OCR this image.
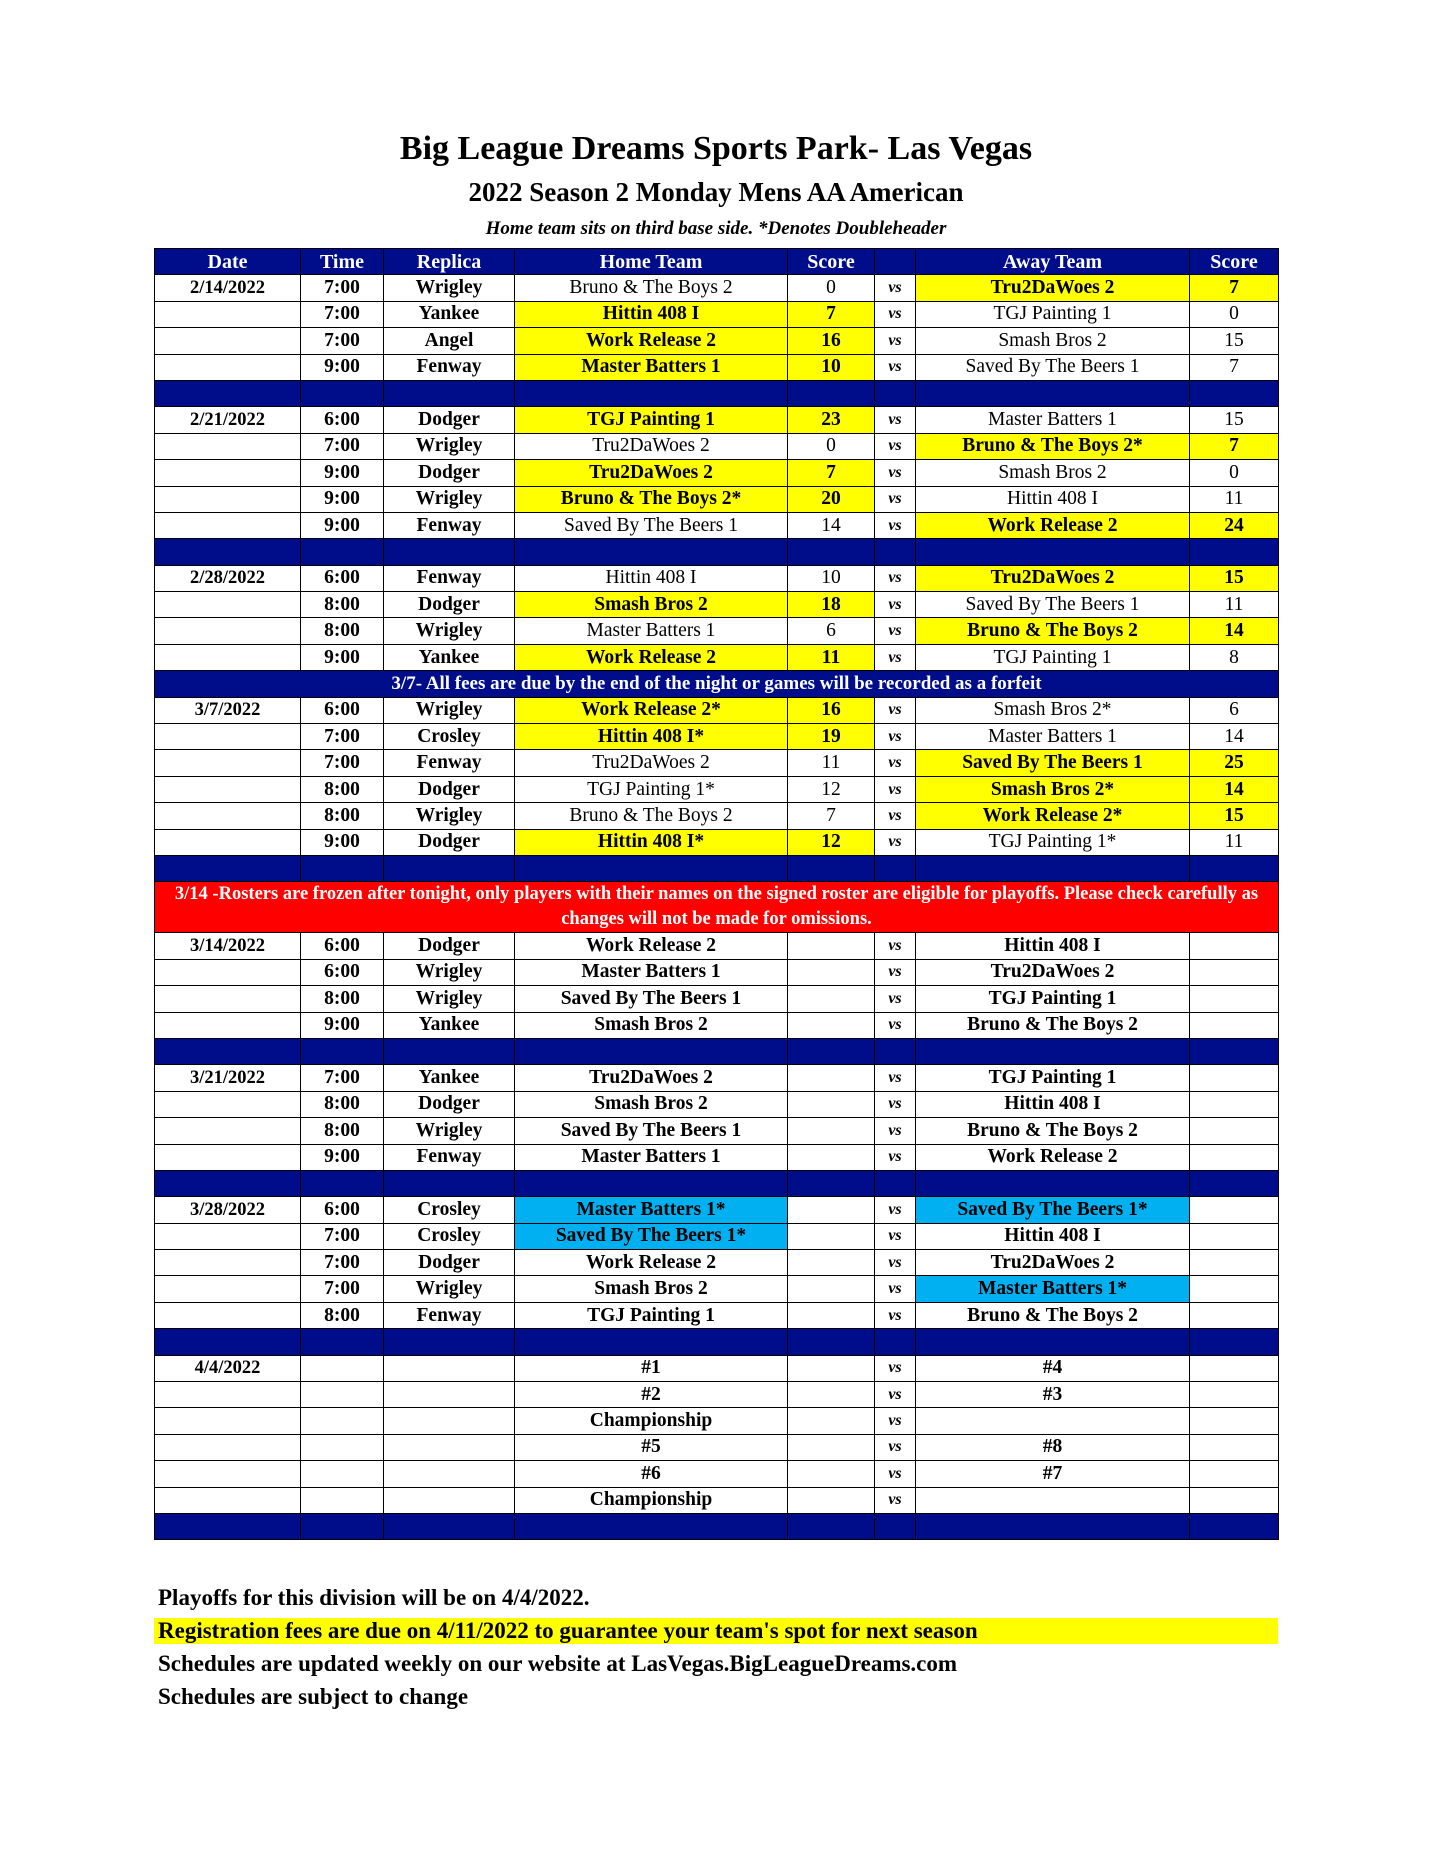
Big League Dreams Sports Park- Las Vegas
2022 Season 2 Monday Mens AA American
Home team sits on third base side. *Denotes Doubleheader
Date	Time	Replica	Home Team	Score		Away Team	Score
2/14/2022	7:00	Wrigley	Bruno & The Boys 2	0	vs	Tru2DaWoes 2	7
	7:00	Yankee	Hittin 408 I	7	vs	TGJ Painting 1	0
	7:00	Angel	Work Release 2	16	vs	Smash Bros 2	15
	9:00	Fenway	Master Batters 1	10	vs	Saved By The Beers 1	7

2/21/2022	6:00	Dodger	TGJ Painting 1	23	vs	Master Batters 1	15
	7:00	Wrigley	Tru2DaWoes 2	0	vs	Bruno & The Boys 2*	7
	9:00	Dodger	Tru2DaWoes 2	7	vs	Smash Bros 2	0
	9:00	Wrigley	Bruno & The Boys 2*	20	vs	Hittin 408 I	11
	9:00	Fenway	Saved By The Beers 1	14	vs	Work Release 2	24

2/28/2022	6:00	Fenway	Hittin 408 I	10	vs	Tru2DaWoes 2	15
	8:00	Dodger	Smash Bros 2	18	vs	Saved By The Beers 1	11
	8:00	Wrigley	Master Batters 1	6	vs	Bruno & The Boys 2	14
	9:00	Yankee	Work Release 2	11	vs	TGJ Painting 1	8
3/7- All fees are due by the end of the night or games will be recorded as a forfeit							
3/7/2022	6:00	Wrigley	Work Release 2*	16	vs	Smash Bros 2*	6
	7:00	Crosley	Hittin 408 I*	19	vs	Master Batters 1	14
	7:00	Fenway	Tru2DaWoes 2	11	vs	Saved By The Beers 1	25
	8:00	Dodger	TGJ Painting 1*	12	vs	Smash Bros 2*	14
	8:00	Wrigley	Bruno & The Boys 2	7	vs	Work Release 2*	15
	9:00	Dodger	Hittin 408 I*	12	vs	TGJ Painting 1*	11

3/14 -Rosters are frozen after tonight, only players with their names on the signed roster are eligible for playoffs. Please check carefully as changes will not be made for omissions.							
3/14/2022	6:00	Dodger	Work Release 2		vs	Hittin 408 I	
	6:00	Wrigley	Master Batters 1		vs	Tru2DaWoes 2	
	8:00	Wrigley	Saved By The Beers 1		vs	TGJ Painting 1	
	9:00	Yankee	Smash Bros 2		vs	Bruno & The Boys 2	

3/21/2022	7:00	Yankee	Tru2DaWoes 2		vs	TGJ Painting 1	
	8:00	Dodger	Smash Bros 2		vs	Hittin 408 I	
	8:00	Wrigley	Saved By The Beers 1		vs	Bruno & The Boys 2	
	9:00	Fenway	Master Batters 1		vs	Work Release 2	

3/28/2022	6:00	Crosley	Master Batters 1*		vs	Saved By The Beers 1*	
	7:00	Crosley	Saved By The Beers 1*		vs	Hittin 408 I	
	7:00	Dodger	Work Release 2		vs	Tru2DaWoes 2	
	7:00	Wrigley	Smash Bros 2		vs	Master Batters 1*	
	8:00	Fenway	TGJ Painting 1		vs	Bruno & The Boys 2	

4/4/2022			#1		vs	#4	
			#2		vs	#3	
			Championship		vs		
			#5		vs	#8	
			#6		vs	#7	
			Championship		vs		

Playoffs for this division will be on 4/4/2022.
Registration fees are due on 4/11/2022 to guarantee your team's spot for next season
Schedules are updated weekly on our website at LasVegas.BigLeagueDreams.com
Schedules are subject to change
